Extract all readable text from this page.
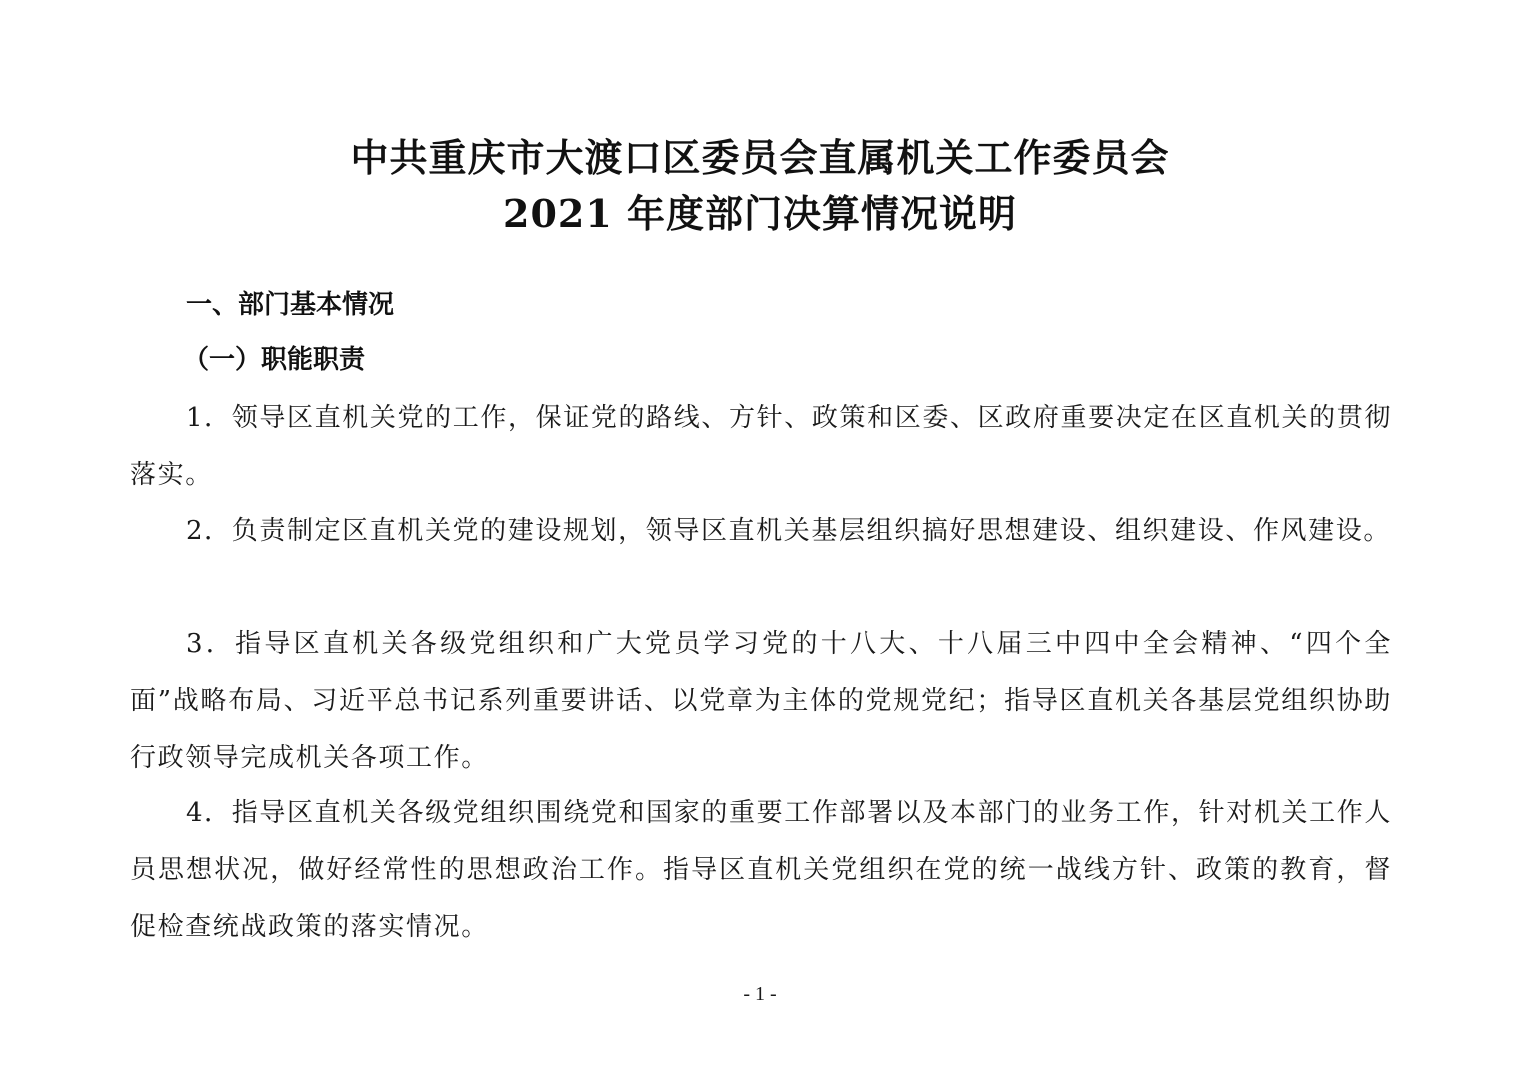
中共重庆市大渡口区委员会直属机关工作委员会
2021 年度部门决算情况说明
一、部门基本情况
（一）职能职责
1．领导区直机关党的工作，保证党的路线、方针、政策和区委、区政府重要决定在区直机关的贯彻落实。
2．负责制定区直机关党的建设规划，领导区直机关基层组织搞好思想建设、组织建设、作风建设。
3．指导区直机关各级党组织和广大党员学习党的十八大、十八届三中四中全会精神、“四个全面”战略布局、习近平总书记系列重要讲话、以党章为主体的党规党纪；指导区直机关各基层党组织协助行政领导完成机关各项工作。
4．指导区直机关各级党组织围绕党和国家的重要工作部署以及本部门的业务工作，针对机关工作人员思想状况，做好经常性的思想政治工作。指导区直机关党组织在党的统一战线方针、政策的教育，督促检查统战政策的落实情况。
- 1 -
